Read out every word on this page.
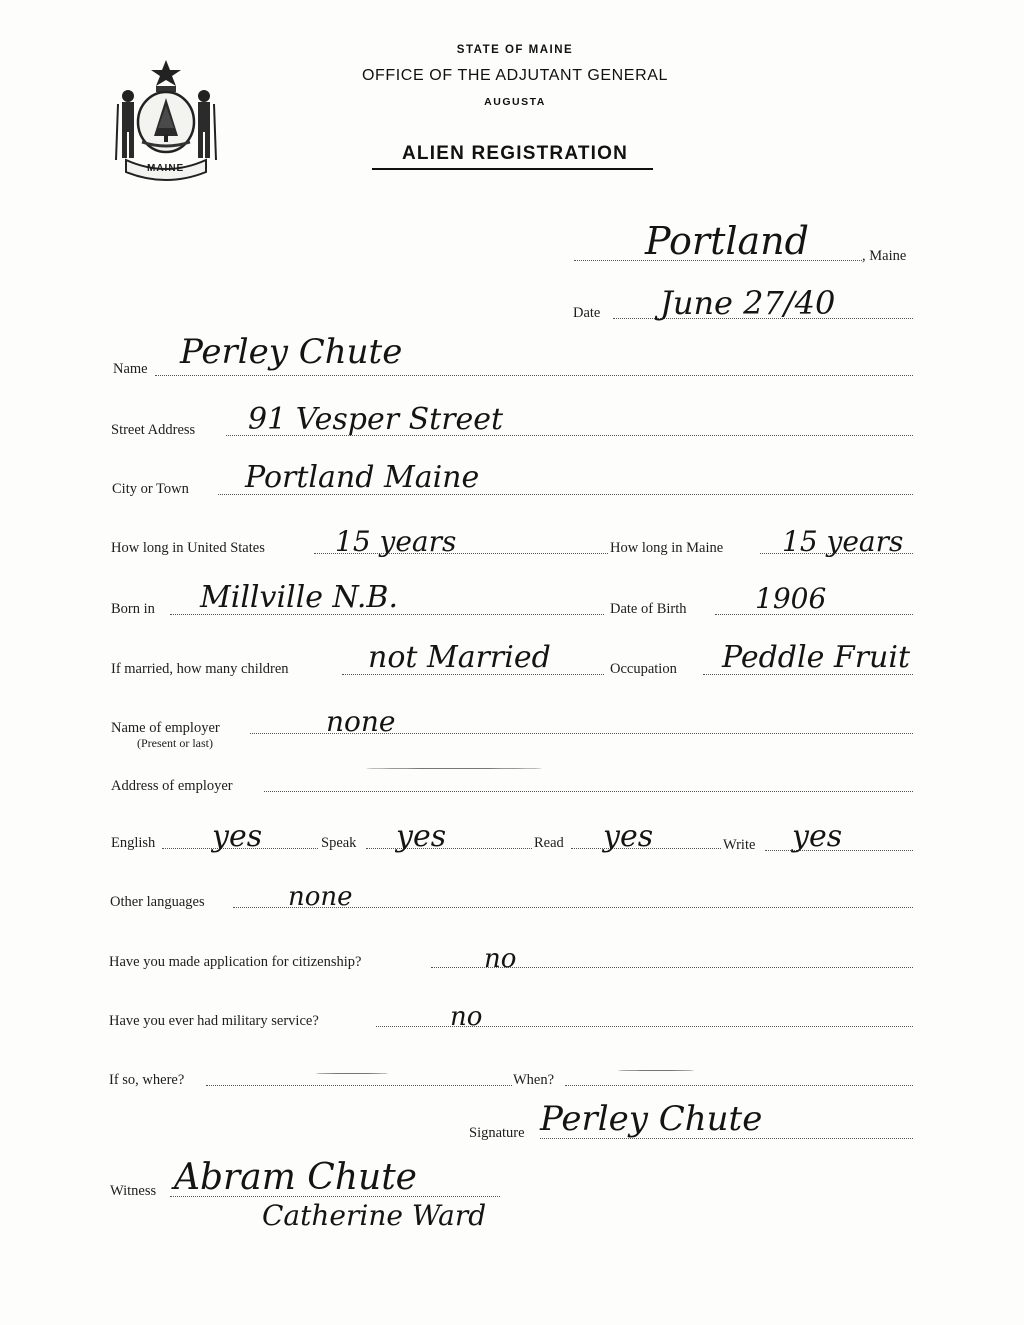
MAINE
STATE OF MAINE
OFFICE OF THE ADJUTANT GENERAL
AUGUSTA
ALIEN REGISTRATION
Portland	, Maine
Date June 27/40
Name Perley Chute
Street Address 91 Vesper Street
City or Town Portland Maine
How long in United States	15 years	How long in Maine 15 years
Born in Millville N.B.	Date of Birth 1906
If married, how many children	not Married	Occupation Peddle Fruit
Name of employer
(Present or last)
none
Address of employer
English yes	Speak yes	Read yes	Write yes
Other languages	none
Have you made application for citizenship?	no
Have you ever had military service?	no
If so, where?	When?
Signature Perley Chute
Witness Abram Chute
Catherine Ward
